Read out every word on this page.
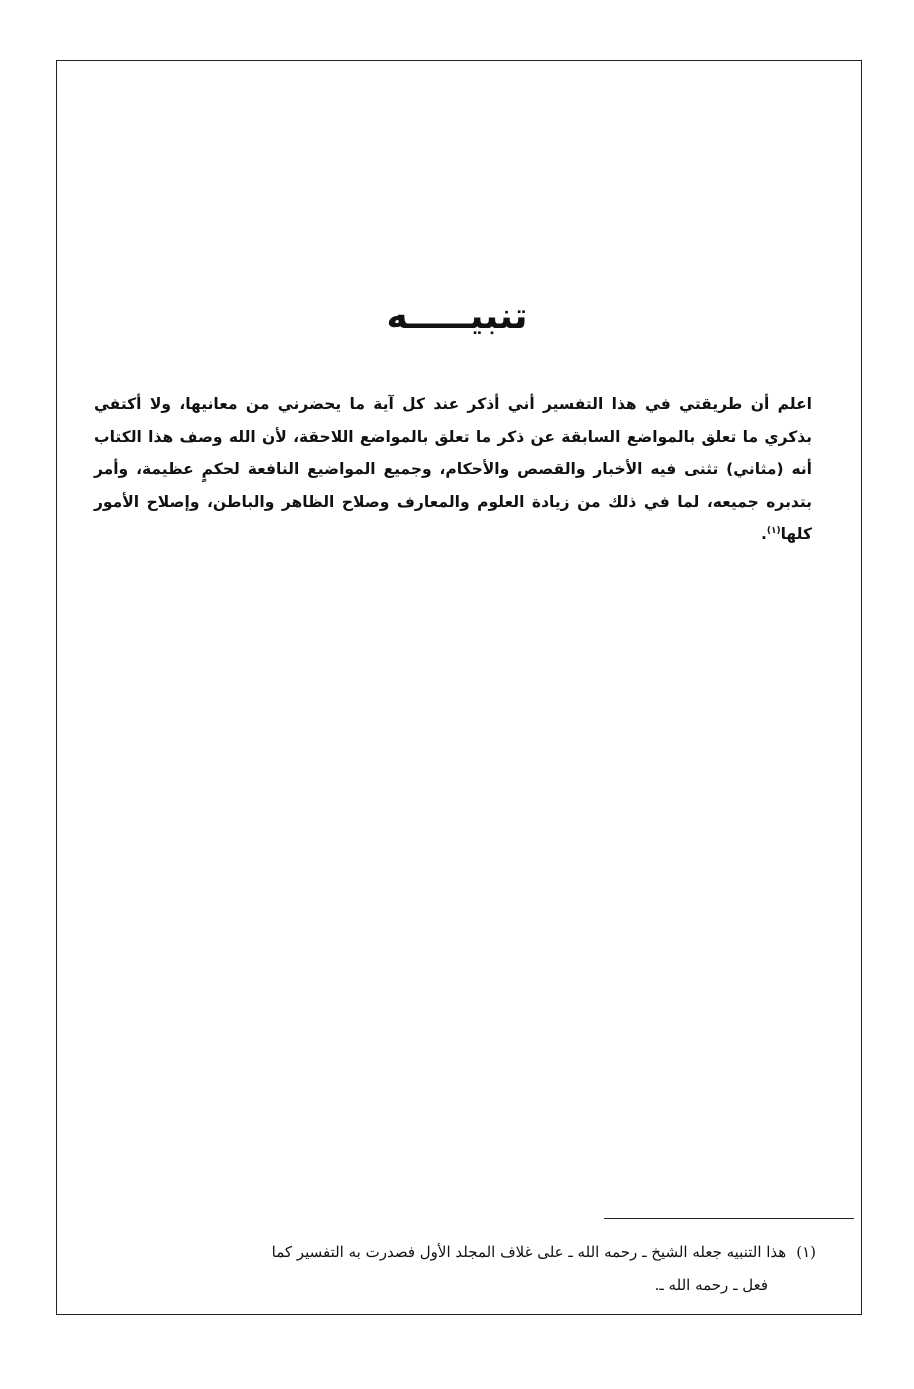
تنبيـــــه

اعلم أن طريقتي في هذا التفسير أني أذكر عند كل آية ما يحضرني من معانيها، ولا أكتفي بذكري ما تعلق بالمواضع السابقة عن ذكر ما تعلق بالمواضع اللاحقة، لأن الله وصف هذا الكتاب أنه (مثاني) تثنى فيه الأخبار والقصص والأحكام، وجميع المواضيع النافعة لحكمٍ عظيمة، وأمر بتدبره جميعه، لما في ذلك من زيادة العلوم والمعارف وصلاح الظاهر والباطن، وإصلاح الأمور كلها$^{(١)}$.

(١)هذا التنبيه جعله الشيخ ـ رحمه الله ـ على غلاف المجلد الأول فصدرت به التفسير كما
فعل ـ رحمه الله ـ.
